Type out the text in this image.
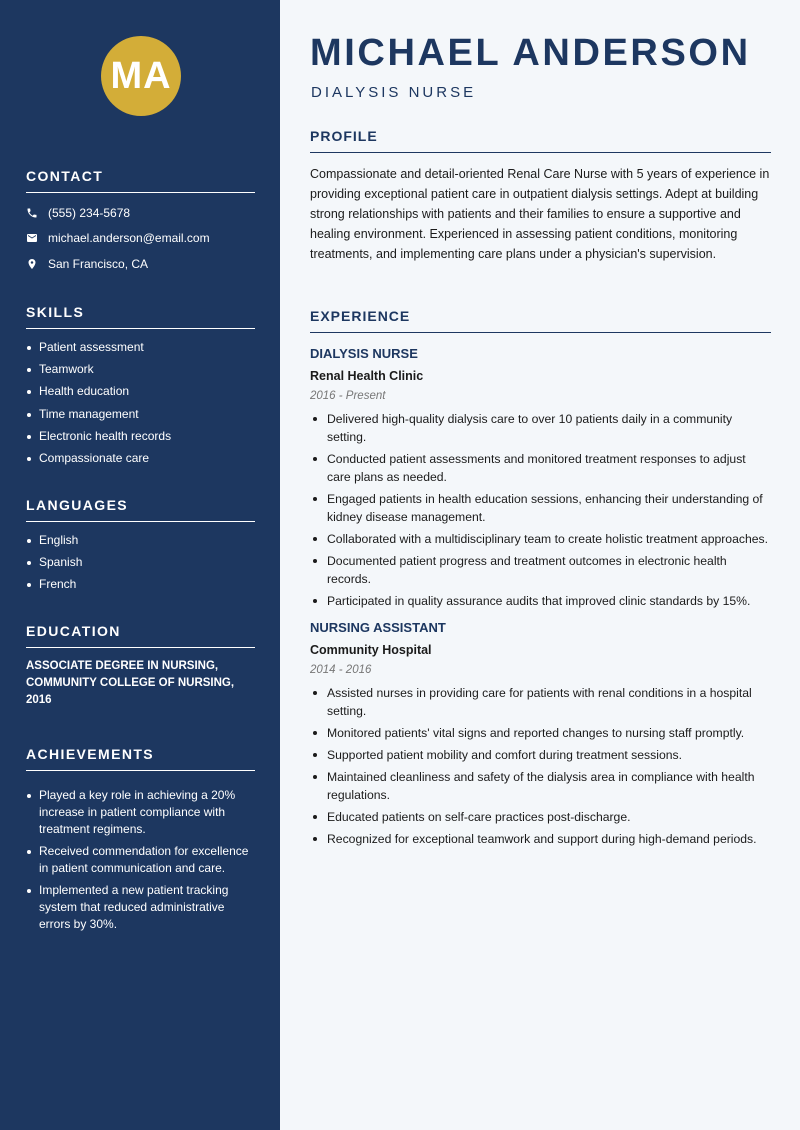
MA
CONTACT
(555) 234-5678
michael.anderson@email.com
San Francisco, CA
SKILLS
Patient assessment
Teamwork
Health education
Time management
Electronic health records
Compassionate care
LANGUAGES
English
Spanish
French
EDUCATION
ASSOCIATE DEGREE IN NURSING, COMMUNITY COLLEGE OF NURSING, 2016
ACHIEVEMENTS
Played a key role in achieving a 20% increase in patient compliance with treatment regimens.
Received commendation for excellence in patient communication and care.
Implemented a new patient tracking system that reduced administrative errors by 30%.
MICHAEL ANDERSON
DIALYSIS NURSE
PROFILE
Compassionate and detail-oriented Renal Care Nurse with 5 years of experience in providing exceptional patient care in outpatient dialysis settings. Adept at building strong relationships with patients and their families to ensure a supportive and healing environment. Experienced in assessing patient conditions, monitoring treatments, and implementing care plans under a physician's supervision.
EXPERIENCE
DIALYSIS NURSE
Renal Health Clinic
2016 - Present
Delivered high-quality dialysis care to over 10 patients daily in a community setting.
Conducted patient assessments and monitored treatment responses to adjust care plans as needed.
Engaged patients in health education sessions, enhancing their understanding of kidney disease management.
Collaborated with a multidisciplinary team to create holistic treatment approaches.
Documented patient progress and treatment outcomes in electronic health records.
Participated in quality assurance audits that improved clinic standards by 15%.
NURSING ASSISTANT
Community Hospital
2014 - 2016
Assisted nurses in providing care for patients with renal conditions in a hospital setting.
Monitored patients' vital signs and reported changes to nursing staff promptly.
Supported patient mobility and comfort during treatment sessions.
Maintained cleanliness and safety of the dialysis area in compliance with health regulations.
Educated patients on self-care practices post-discharge.
Recognized for exceptional teamwork and support during high-demand periods.
